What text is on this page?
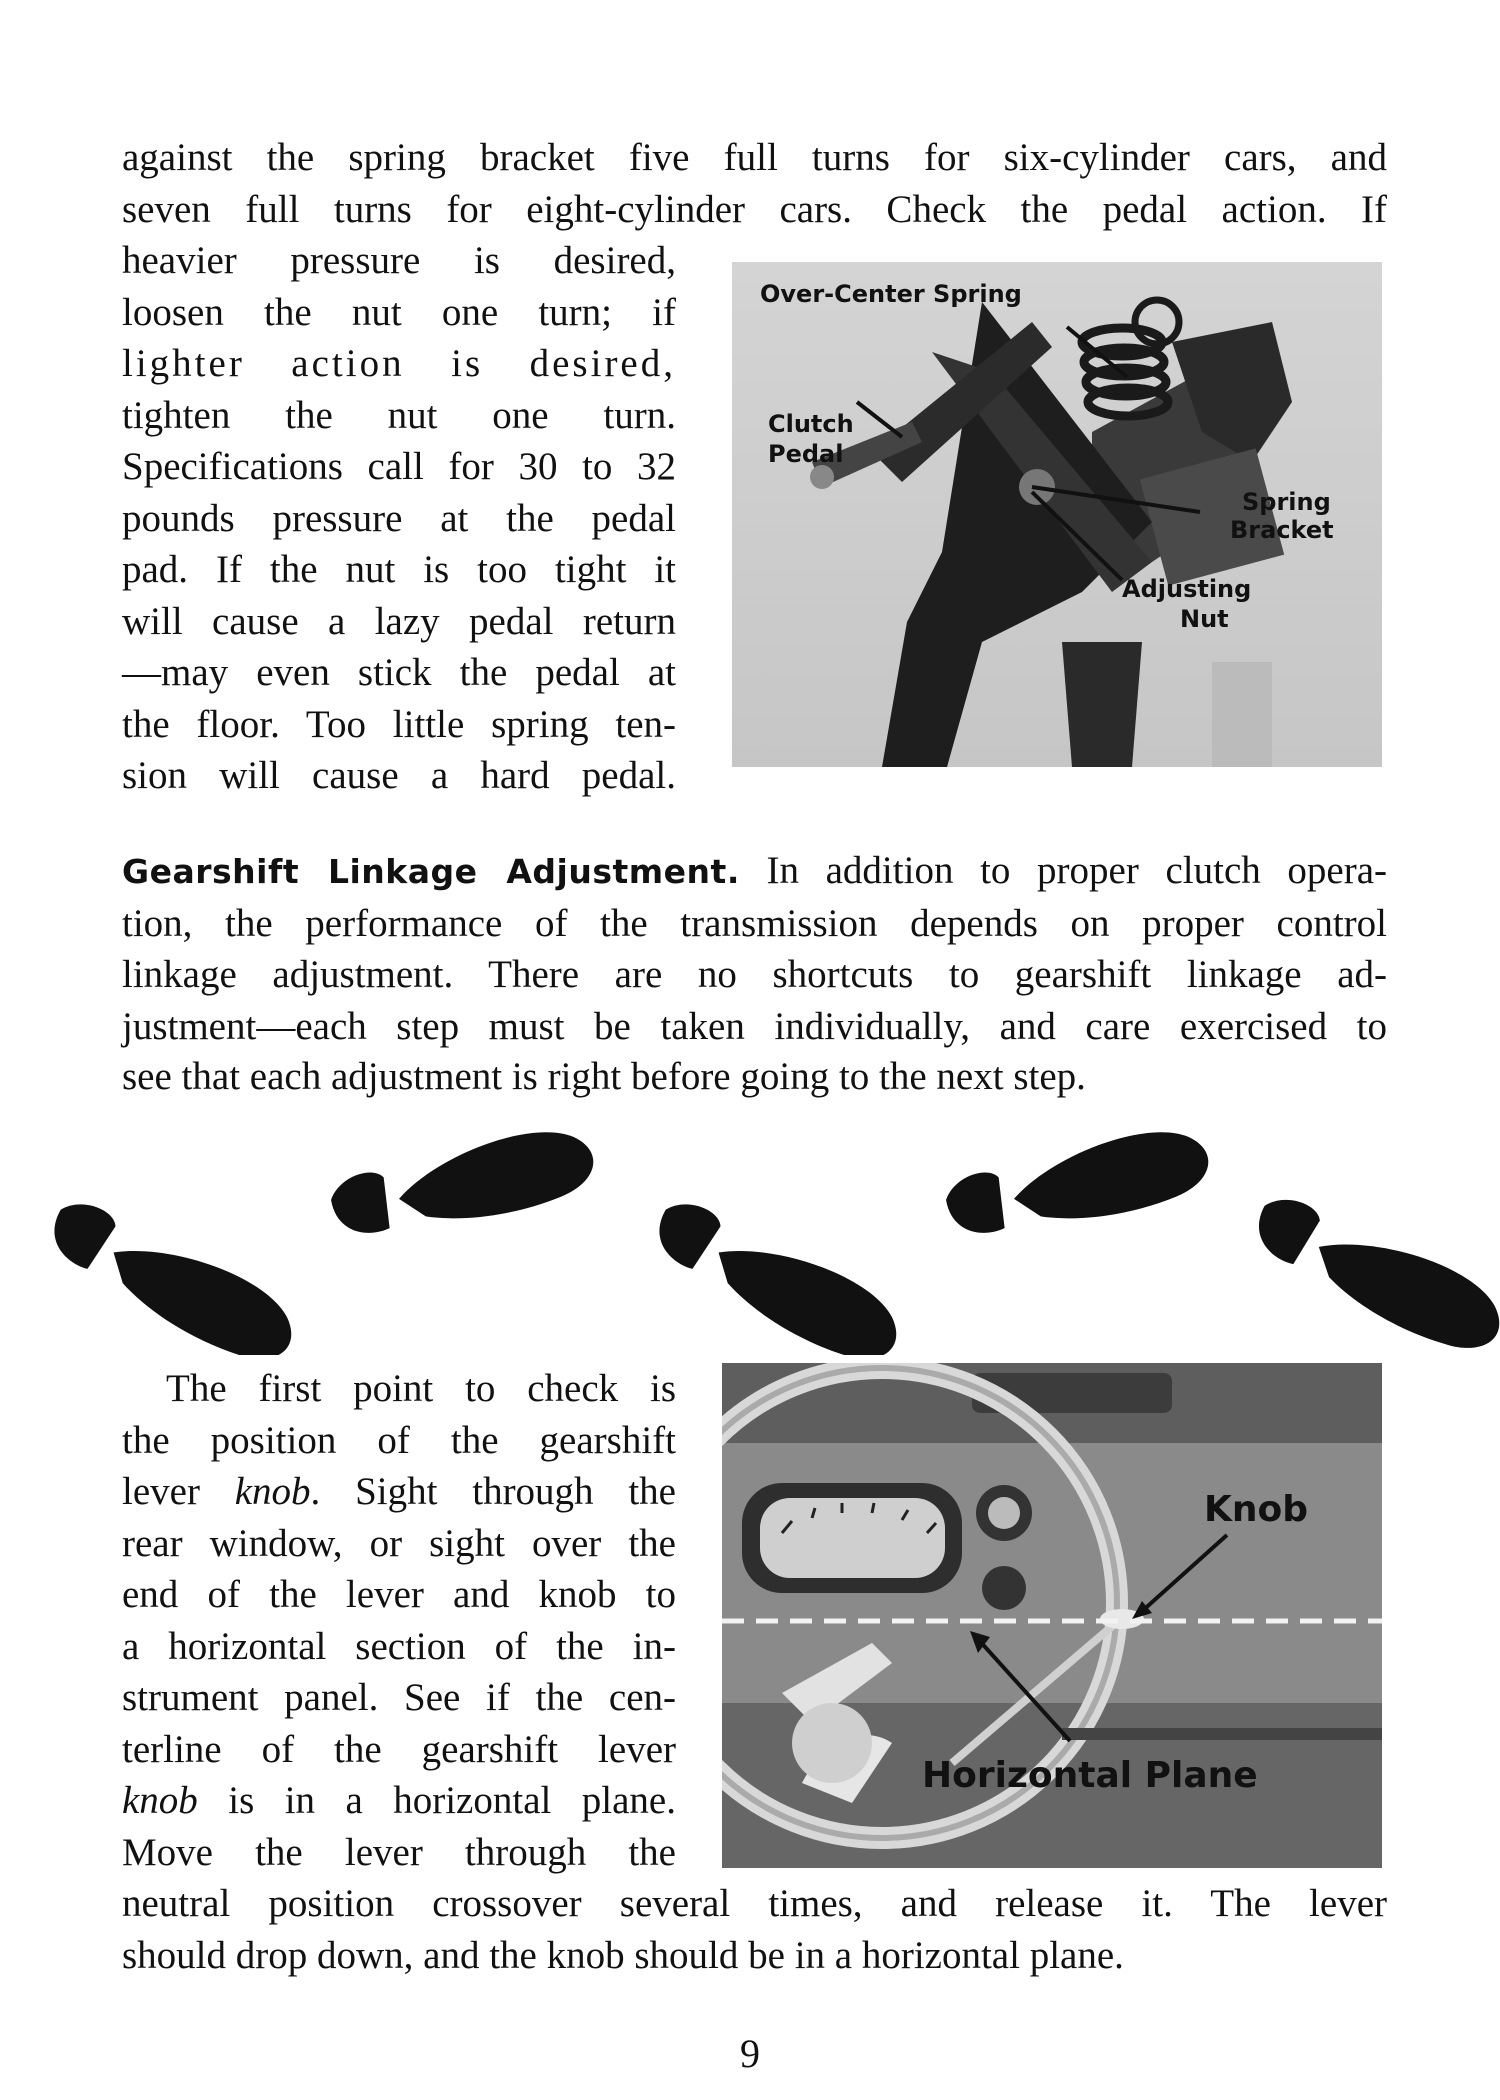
against the spring bracket five full turns for six-cylinder cars, and
seven full turns for eight-cylinder cars. Check the pedal action. If
heavier pressure is desired,
loosen the nut one turn; if
lighter action is desired,
tighten the nut one turn.
Specifications call for 30 to 32
pounds pressure at the pedal
pad. If the nut is too tight it
will cause a lazy pedal return
—may even stick the pedal at
the floor. Too little spring ten-
sion will cause a hard pedal.
Over-Center Spring
Clutch
Pedal
Spring
Bracket
Adjusting
Nut
Gearshift Linkage Adjustment. In addition to proper clutch opera-
tion, the performance of the transmission depends on proper control
linkage adjustment. There are no shortcuts to gearshift linkage ad-
justment—each step must be taken individually, and care exercised to
see that each adjustment is right before going to the next step.
The first point to check is
the position of the gearshift
lever knob. Sight through the
rear window, or sight over the
end of the lever and knob to
a horizontal section of the in-
strument panel. See if the cen-
terline of the gearshift lever
knob is in a horizontal plane.
Move the lever through the
neutral position crossover several times, and release it. The lever
should drop down, and the knob should be in a horizontal plane.
Knob
Horizontal Plane
9
